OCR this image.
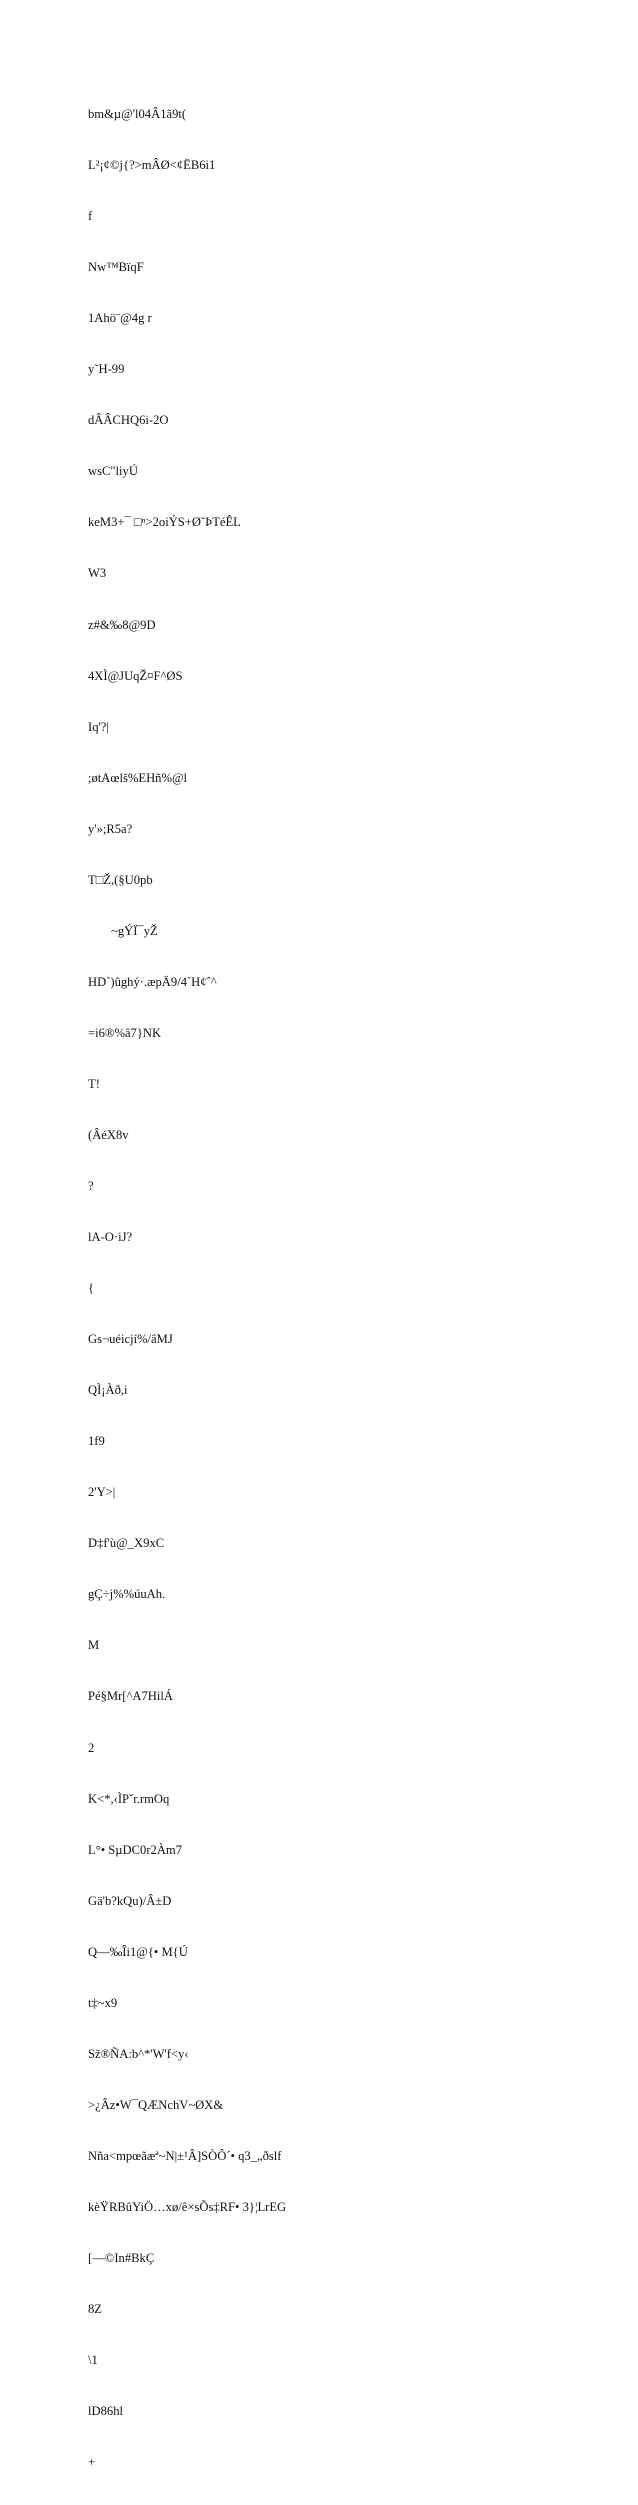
bm&µ@'l04Â1ã9t(

L²¡¢©j{?>mÂØ<¢ËB6i1

f

Nw™BïqF

1Ahö¨@4g r

y˜H-99

dÂÂCHQ6i-2O

wsC"liyÚ

keM3+¯ □ⁿ>2oiÝS+Ø˜ÞTéÊL

W3

z#&‰8@9D

4XÌ@JUqŽ¤F^ØS

Iq'?|

;øtAœlš%EHñ%@l

y'»;R5a?

T□Ž,(§U0pb

~gÝÏ¯yŽ

HD`)ûghý·.æpÄ9/4`H¢ˆ^

=i6®%â7}NK

T!

(ÂéX8v

?

lA-O·iJ?

{

Gs¬uéicjí%/âMJ

QÌ¡Àð,i

1f9

2'Y>|

D‡f'ù@_X9xC

gÇ÷j%%úuAh.

M

Pé§Mr[^A7HilÁ

2

K<*,‹ÌPˇr.rmOq

L°• SµDC0r2Àm7

Gä'b?kQu)/Â±D

Q—‰Îi1@{• M{Ú

t‡~x9

Sž®ÑA:b^*'W'f<y‹

>¿Âz•W¯QÆNchV~ØX&

Nña<mpœãæª~N|±¹Â]SÒÔ´• q3_„ðslf

kèŸRBûYiÖ…xø/ê×sÕs‡RF• 3}¦LrEG

[—©In#BkÇ

8Z

\1

lD86hl

+
